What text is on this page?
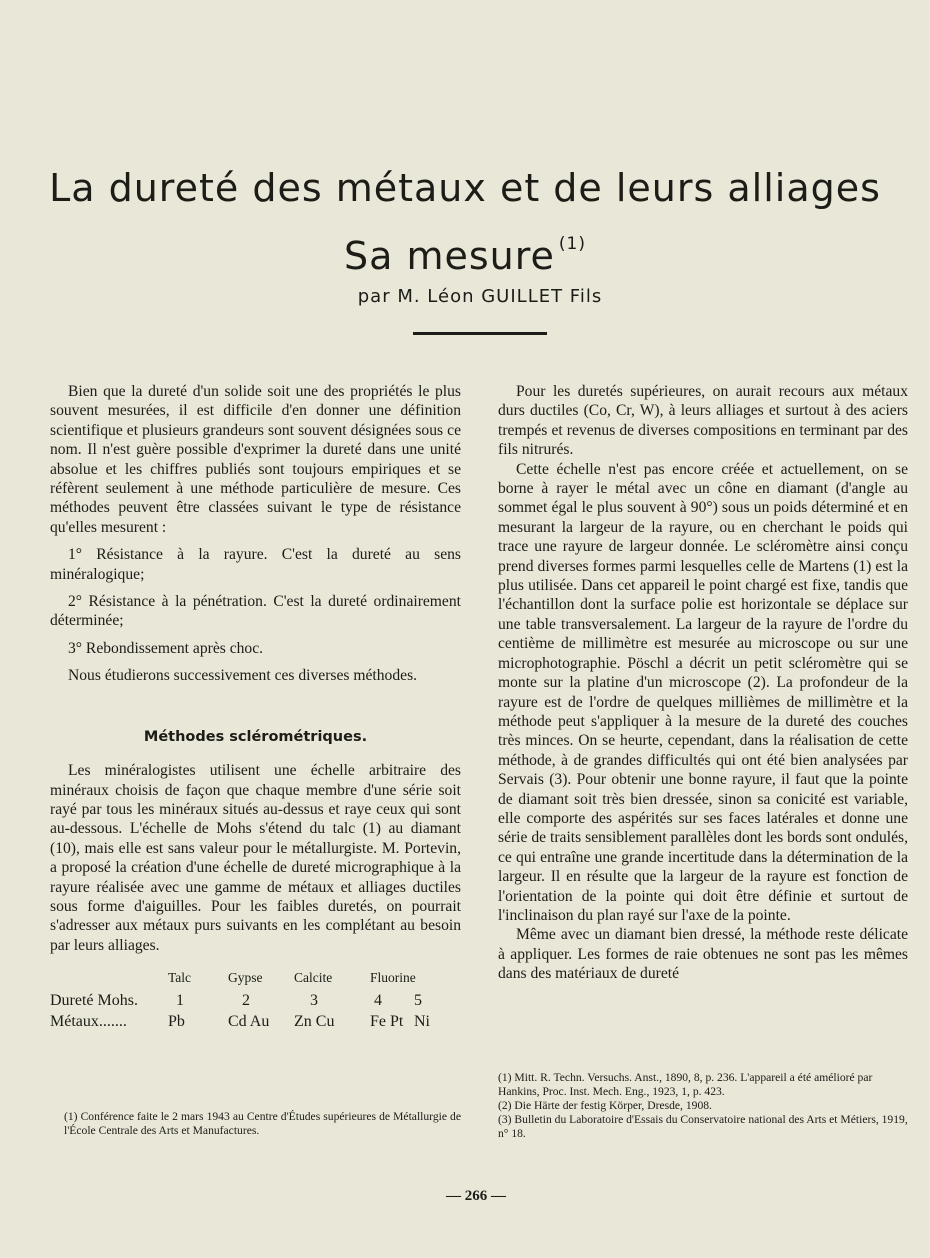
La dureté des métaux et de leurs alliages
Sa mesure $^{(1)}$
par M. Léon GUILLET Fils

Bien que la dureté d'un solide soit une des propriétés le plus souvent mesurées, il est difficile d'en donner une définition scientifique et plusieurs grandeurs sont souvent désignées sous ce nom. Il n'est guère possible d'exprimer la dureté dans une unité absolue et les chiffres publiés sont toujours empiriques et se réfèrent seulement à une méthode particulière de mesure. Ces méthodes peuvent être classées suivant le type de résistance qu'elles mesurent :

1° Résistance à la rayure. C'est la dureté au sens minéralogique;

2° Résistance à la pénétration. C'est la dureté ordinairement déterminée;

3° Rebondissement après choc.

Nous étudierons successivement ces diverses méthodes.

Méthodes sclérométriques.

Les minéralogistes utilisent une échelle arbitraire des minéraux choisis de façon que chaque membre d'une série soit rayé par tous les minéraux situés au-dessus et raye ceux qui sont au-dessous. L'échelle de Mohs s'étend du talc (1) au diamant (10), mais elle est sans valeur pour le métallurgiste. M. Portevin, a proposé la création d'une échelle de dureté micrographique à la rayure réalisée avec une gamme de métaux et alliages ductiles sous forme d'aiguilles. Pour les faibles duretés, on pourrait s'adresser aux métaux purs suivants en les complétant au besoin par leurs alliages.

	Talc	Gypse	Calcite	Fluorine	
Dureté Mohs.	1	2	3	4	5
Métaux.......	Pb	Cd Au	Zn Cu	Fe Pt	Ni

Pour les duretés supérieures, on aurait recours aux métaux durs ductiles (Co, Cr, W), à leurs alliages et surtout à des aciers trempés et revenus de diverses compositions en terminant par des fils nitrurés.

Cette échelle n'est pas encore créée et actuellement, on se borne à rayer le métal avec un cône en diamant (d'angle au sommet égal le plus souvent à 90°) sous un poids déterminé et en mesurant la largeur de la rayure, ou en cherchant le poids qui trace une rayure de largeur donnée. Le scléromètre ainsi conçu prend diverses formes parmi lesquelles celle de Martens (1) est la plus utilisée. Dans cet appareil le point chargé est fixe, tandis que l'échantillon dont la surface polie est horizontale se déplace sur une table transversalement. La largeur de la rayure de l'ordre du centième de millimètre est mesurée au microscope ou sur une microphotographie. Pöschl a décrit un petit scléromètre qui se monte sur la platine d'un microscope (2). La profondeur de la rayure est de l'ordre de quelques millièmes de millimètre et la méthode peut s'appliquer à la mesure de la dureté des couches très minces. On se heurte, cependant, dans la réalisation de cette méthode, à de grandes difficultés qui ont été bien analysées par Servais (3). Pour obtenir une bonne rayure, il faut que la pointe de diamant soit très bien dressée, sinon sa conicité est variable, elle comporte des aspérités sur ses faces latérales et donne une série de traits sensiblement parallèles dont les bords sont ondulés, ce qui entraîne une grande incertitude dans la détermination de la largeur. Il en résulte que la largeur de la rayure est fonction de l'orientation de la pointe qui doit être définie et surtout de l'inclinaison du plan rayé sur l'axe de la pointe.

Même avec un diamant bien dressé, la méthode reste délicate à appliquer. Les formes de raie obtenues ne sont pas les mêmes dans des matériaux de dureté

(1) Conférence faite le 2 mars 1943 au Centre d'Études supérieures de Métallurgie de l'École Centrale des Arts et Manufactures.

(1) Mitt. R. Techn. Versuchs. Anst., 1890, 8, p. 236. L'appareil a été amélioré par Hankins, Proc. Inst. Mech. Eng., 1923, 1, p. 423.

(2) Die Härte der festig Körper, Dresde, 1908.

(3) Bulletin du Laboratoire d'Essais du Conservatoire national des Arts et Métiers, 1919, n° 18.

— 266 —
